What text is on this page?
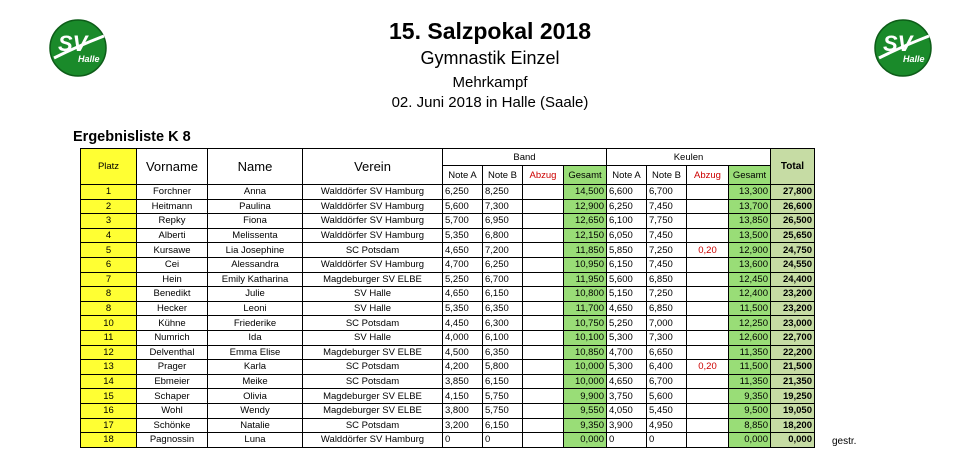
SV
Halle
SV
Halle
15. Salzpokal 2018
Gymnastik Einzel
Mehrkampf
02. Juni 2018 in Halle (Saale)
Ergebnisliste K 8
Platz	Vorname	Name	Verein	Band				Keulen				Total
				Note A	Note B	Abzug	Gesamt	Note A	Note B	Abzug	Gesamt	
1	Forchner	Anna	Walddörfer SV Hamburg	6,250	8,250		14,500	6,600	6,700		13,300	27,800
2	Heitmann	Paulina	Walddörfer SV Hamburg	5,600	7,300		12,900	6,250	7,450		13,700	26,600
3	Repky	Fiona	Walddörfer SV Hamburg	5,700	6,950		12,650	6,100	7,750		13,850	26,500
4	Alberti	Melissenta	Walddörfer SV Hamburg	5,350	6,800		12,150	6,050	7,450		13,500	25,650
5	Kursawe	Lia Josephine	SC Potsdam	4,650	7,200		11,850	5,850	7,250	0,20	12,900	24,750
6	Cei	Alessandra	Walddörfer SV Hamburg	4,700	6,250		10,950	6,150	7,450		13,600	24,550
7	Hein	Emily Katharina	Magdeburger SV ELBE	5,250	6,700		11,950	5,600	6,850		12,450	24,400
8	Benedikt	Julie	SV Halle	4,650	6,150		10,800	5,150	7,250		12,400	23,200
8	Hecker	Leoni	SV Halle	5,350	6,350		11,700	4,650	6,850		11,500	23,200
10	Kühne	Friederike	SC Potsdam	4,450	6,300		10,750	5,250	7,000		12,250	23,000
11	Numrich	Ida	SV Halle	4,000	6,100		10,100	5,300	7,300		12,600	22,700
12	Delventhal	Emma Elise	Magdeburger SV ELBE	4,500	6,350		10,850	4,700	6,650		11,350	22,200
13	Prager	Karla	SC Potsdam	4,200	5,800		10,000	5,300	6,400	0,20	11,500	21,500
14	Ebmeier	Meike	SC Potsdam	3,850	6,150		10,000	4,650	6,700		11,350	21,350
15	Schaper	Olivia	Magdeburger SV ELBE	4,150	5,750		9,900	3,750	5,600		9,350	19,250
16	Wohl	Wendy	Magdeburger SV ELBE	3,800	5,750		9,550	4,050	5,450		9,500	19,050
17	Schönke	Natalie	SC Potsdam	3,200	6,150		9,350	3,900	4,950		8,850	18,200
18	Pagnossin	Luna	Walddörfer SV Hamburg	0	0		0,000	0	0		0,000	0,000 gestr.
